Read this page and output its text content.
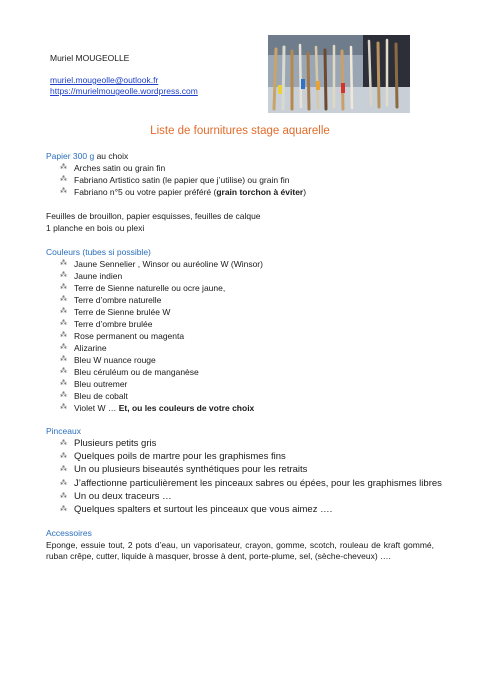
Muriel MOUGEOLLE
muriel.mougeolle@outlook.fr
https://murielmougeolle.wordpress.com
Liste de fournitures stage aquarelle
Papier 300 g au choix
⁂ Arches satin ou grain fin
⁂ Fabriano Artistico satin (le papier que j’utilise) ou grain fin
⁂ Fabriano n°5 ou votre papier préféré (grain torchon à éviter)
Feuilles de brouillon, papier esquisses, feuilles de calque
1 planche en bois ou plexi
Couleurs (tubes si possible)
⁂ Jaune Sennelier , Winsor ou auréoline W (Winsor)
⁂ Jaune indien
⁂ Terre de Sienne naturelle ou ocre jaune,
⁂ Terre d’ombre naturelle
⁂ Terre de Sienne brulée W
⁂ Terre d’ombre brulée
⁂ Rose permanent ou magenta
⁂ Alizarine
⁂ Bleu W nuance rouge
⁂ Bleu céruléum ou de manganèse
⁂ Bleu outremer
⁂ Bleu de cobalt
⁂ Violet W … Et, ou les couleurs de votre choix
Pinceaux
⁂ Plusieurs petits gris
⁂ Quelques poils de martre pour les graphismes fins
⁂ Un ou plusieurs biseautés synthétiques pour les retraits
⁂ J’affectionne particulièrement les pinceaux sabres ou épées, pour les graphismes libres
⁂ Un ou deux traceurs …
⁂ Quelques spalters et surtout les pinceaux que vous aimez ….
Accessoires
Eponge, essuie tout, 2 pots d’eau, un vaporisateur, crayon, gomme, scotch, rouleau de kraft gommé, ruban crêpe, cutter, liquide à masquer, brosse à dent, porte-plume, sel, (sèche-cheveux) ….
